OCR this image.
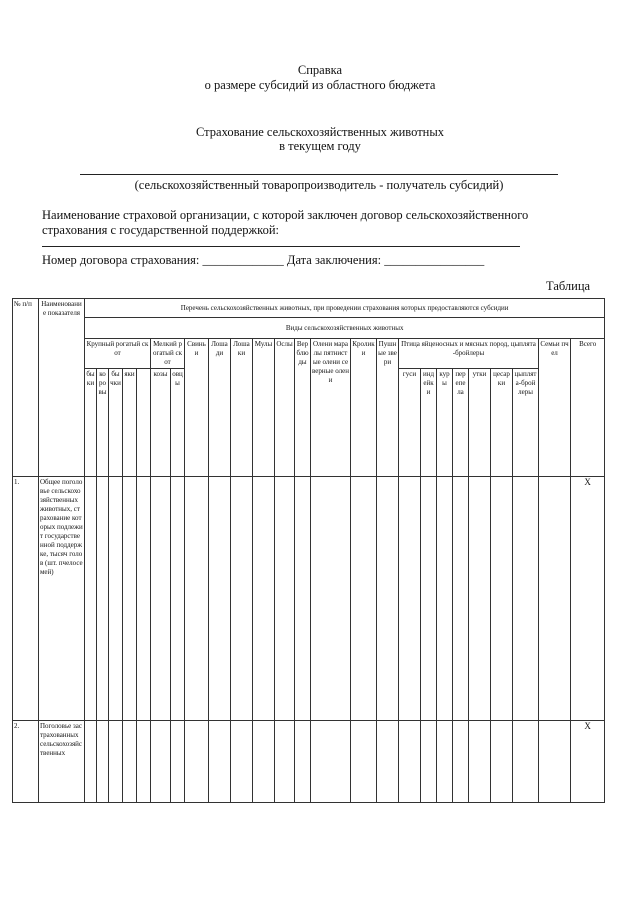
Справка
о размере субсидий из областного бюджета
Страхование сельскохозяйственных животных
в текущем году
(сельскохозяйственный товаропроизводитель - получатель субсидий)
Наименование страховой организации, с которой заключен договор сельскохозяйственного
страхования с государственной поддержкой:
Номер договора страхования: _____________ Дата заключения: ________________
Таблица
№ п/п	Наименование показателя	Перечень сельскохозяйственных животных, при проведении страхования которых предоставляются субсидии																								
		Виды сельскохозяйственных животных																								
		Крупный рогатый скот					Мелкий рогатый скот		Свиньи	Лошади	Лошаки	Мулы	Ослы	Верблюды	Олени маралы пятнистые олени северные олени	Кролики	Пушные звери	Птица яйценосных и мясных пород, цыплята-бройлеры							Семьи пчел	Всего
		быки	коровы	бычки	яки		козы	овцы										гуси	индейки	куры	перепела	утки	цесарки	цыплята-бройлеры		
1.	Общее поголовье сельскохозяйственных животных, страхование которых подлежит государственной поддержке, тысяч голов (шт. пчелосемей)																									Х
2.	Поголовье застрахованных сельскохозяйственных																									Х
